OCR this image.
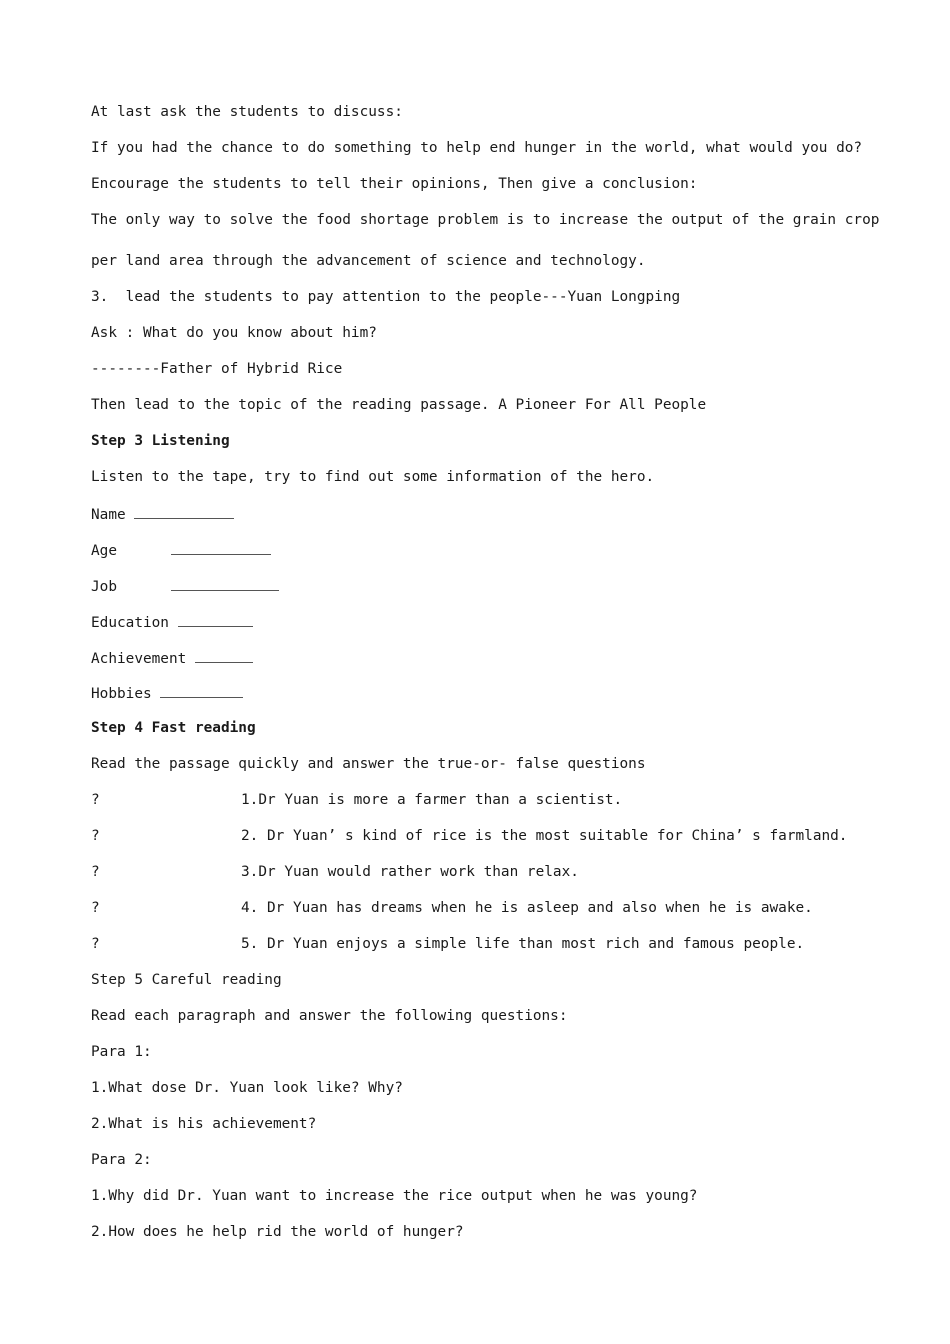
At last ask the students to discuss:
If you had the chance to do something to help end hunger in the world, what would you do?
Encourage the students to tell their opinions, Then give a conclusion:
The only way to solve the food shortage problem is to increase the output of the grain crop
per land area through the advancement of science and technology.
3.  lead the students to pay attention to the people---Yuan Longping
Ask : What do you know about him?
--------Father of Hybrid Rice
Then lead to the topic of the reading passage. A Pioneer For All People
Step 3 Listening
Listen to the tape, try to find out some information of the hero.
Name
Age
Job
Education
Achievement
Hobbies
Step 4 Fast reading
Read the passage quickly and answer the true-or- false questions
?	1.Dr Yuan is more a farmer than a scientist.
?	2. Dr Yuan’ s kind of rice is the most suitable for China’ s farmland.
?	3.Dr Yuan would rather work than relax.
?	4. Dr Yuan has dreams when he is asleep and also when he is awake.
?	5. Dr Yuan enjoys a simple life than most rich and famous people.
Step 5 Careful reading
Read each paragraph and answer the following questions:
Para 1:
1.What dose Dr. Yuan look like? Why?
2.What is his achievement?
Para 2:
1.Why did Dr. Yuan want to increase the rice output when he was young?
2.How does he help rid the world of hunger?
